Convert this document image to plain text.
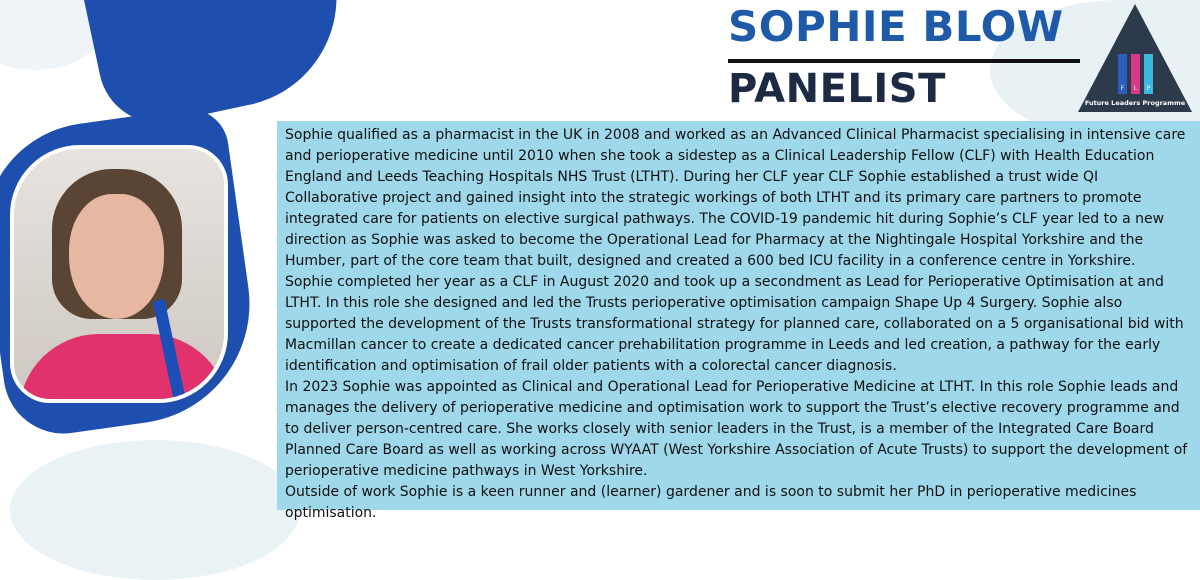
SOPHIE BLOW
PANELIST	F L P
Future Leaders Programme

Sophie qualified as a pharmacist in the UK in 2008 and worked as an Advanced Clinical Pharmacist specialising in intensive care and perioperative medicine until 2010 when she took a sidestep as a Clinical Leadership Fellow (CLF) with Health Education England and Leeds Teaching Hospitals NHS Trust (LTHT). During her CLF year CLF Sophie established a trust wide QI Collaborative project and gained insight into the strategic workings of both LTHT and its primary care partners to promote integrated care for patients on elective surgical pathways. The COVID-19 pandemic hit during Sophie’s CLF year led to a new direction as Sophie was asked to become the Operational Lead for Pharmacy at the Nightingale Hospital Yorkshire and the Humber, part of the core team that built, designed and created a 600 bed ICU facility in a conference centre in Yorkshire.

Sophie completed her year as a CLF in August 2020 and took up a secondment as Lead for Perioperative Optimisation at and LTHT. In this role she designed and led the Trusts perioperative optimisation campaign Shape Up 4 Surgery. Sophie also supported the development of the Trusts transformational strategy for planned care, collaborated on a 5 organisational bid with Macmillan cancer to create a dedicated cancer prehabilitation programme in Leeds and led creation, a pathway for the early identification and optimisation of frail older patients with a colorectal cancer diagnosis.

In 2023 Sophie was appointed as Clinical and Operational Lead for Perioperative Medicine at LTHT. In this role Sophie leads and manages the delivery of perioperative medicine and optimisation work to support the Trust’s elective recovery programme and to deliver person-centred care. She works closely with senior leaders in the Trust, is a member of the Integrated Care Board Planned Care Board as well as working across WYAAT (West Yorkshire Association of Acute Trusts) to support the development of perioperative medicine pathways in West Yorkshire.

Outside of work Sophie is a keen runner and (learner) gardener and is soon to submit her PhD in perioperative medicines optimisation.
